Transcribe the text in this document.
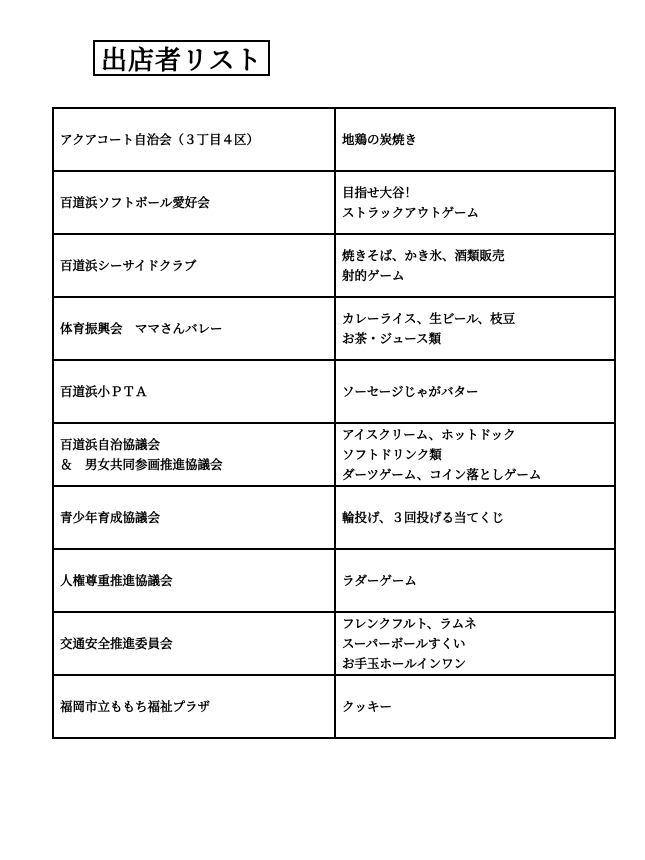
出店者リスト
アクアコート自治会（３丁目４区）	地鶏の炭焼き
百道浜ソフトボール愛好会	目指せ大谷！
ストラックアウトゲーム
百道浜シーサイドクラブ	焼きそば、かき氷、酒類販売
射的ゲーム
体育振興会　ママさんバレー	カレーライス、生ビール、枝豆
お茶・ジュース類
百道浜小ＰＴＡ	ソーセージじゃがバター
百道浜自治協議会
＆　男女共同参画推進協議会	アイスクリーム、ホットドック
ソフトドリンク類
ダーツゲーム、コイン落としゲーム
青少年育成協議会	輪投げ、３回投げる当てくじ
人権尊重推進協議会	ラダーゲーム
交通安全推進委員会	フレンクフルト、ラムネ
スーパーボールすくい
お手玉ホールインワン
福岡市立ももち福祉プラザ	クッキー
